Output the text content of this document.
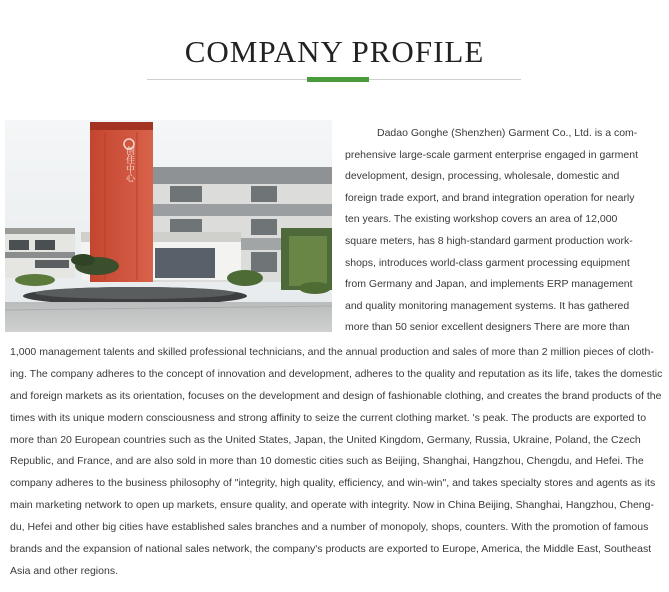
COMPANY PROFILE
创佳中心
Dadao Gonghe (Shenzhen) Garment Co., Ltd. is a com-
prehensive large-scale garment enterprise engaged in garment
development, design, processing, wholesale, domestic and
foreign trade export, and brand integration operation for nearly
ten years. The existing workshop covers an area of 12,000
square meters, has 8 high-standard garment production work-
shops, introduces world-class garment processing equipment
from Germany and Japan, and implements ERP management
and quality monitoring management systems. It has gathered
more than 50 senior excellent designers There are more than
1,000 management talents and skilled professional technicians, and the annual production and sales of more than 2 million pieces of cloth-
ing. The company adheres to the concept of innovation and development, adheres to the quality and reputation as its life, takes the domestic
and foreign markets as its orientation, focuses on the development and design of fashionable clothing, and creates the brand products of the
times with its unique modern consciousness and strong affinity to seize the current clothing market. 's peak. The products are exported to
more than 20 European countries such as the United States, Japan, the United Kingdom, Germany, Russia, Ukraine, Poland, the Czech
Republic, and France, and are also sold in more than 10 domestic cities such as Beijing, Shanghai, Hangzhou, Chengdu, and Hefei. The
company adheres to the business philosophy of "integrity, high quality, efficiency, and win-win", and takes specialty stores and agents as its
main marketing network to open up markets, ensure quality, and operate with integrity. Now in China Beijing, Shanghai, Hangzhou, Cheng-
du, Hefei and other big cities have established sales branches and a number of monopoly, shops, counters. With the promotion of famous
brands and the expansion of national sales network, the company's products are exported to Europe, America, the Middle East, Southeast
Asia and other regions.
